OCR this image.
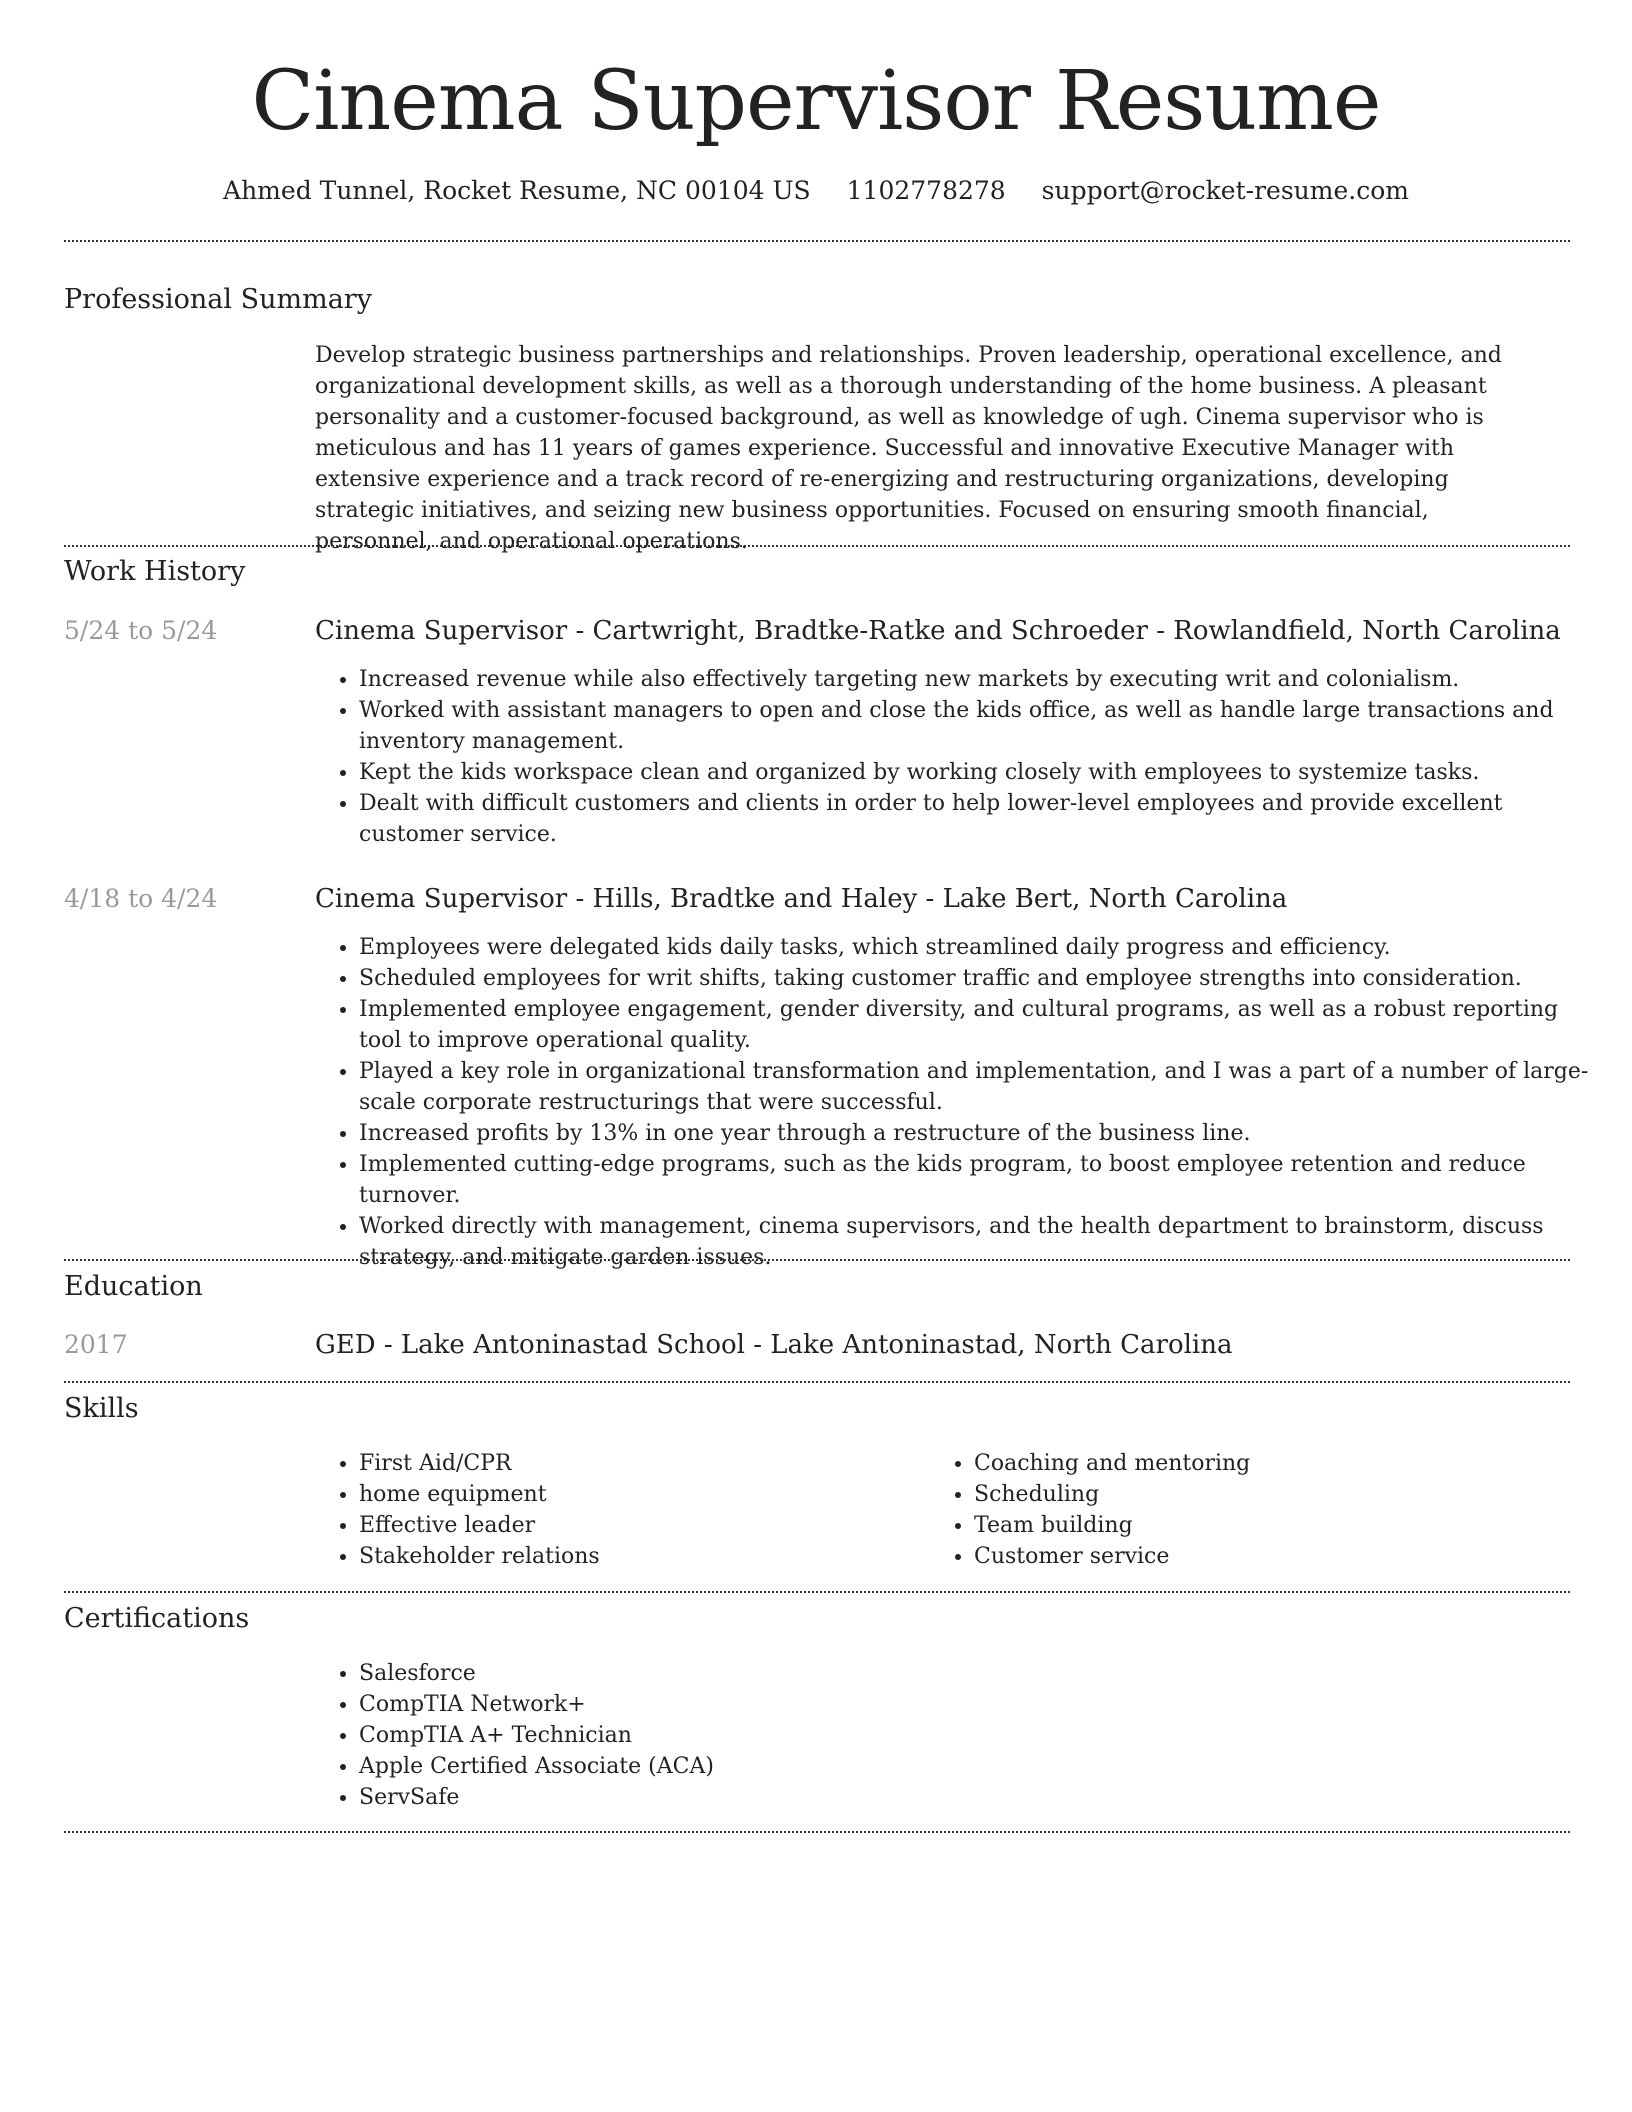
Cinema Supervisor Resume
Ahmed Tunnel, Rocket Resume, NC 00104 US 1102778278 support@rocket-resume.com
Professional Summary

Develop strategic business partnerships and relationships. Proven leadership, operational excellence, and organizational development skills, as well as a thorough understanding of the home business. A pleasant personality and a customer-focused background, as well as knowledge of ugh. Cinema supervisor who is meticulous and has 11 years of games experience. Successful and innovative Executive Manager with extensive experience and a track record of re-energizing and restructuring organizations, developing strategic initiatives, and seizing new business opportunities. Focused on ensuring smooth financial, personnel, and operational operations.

Work History
5/24 to 5/24	Cinema Supervisor - Cartwright, Bradtke-Ratke and Schroeder - Rowlandfield, North Carolina
• Increased revenue while also effectively targeting new markets by executing writ and colonialism.
• Worked with assistant managers to open and close the kids office, as well as handle large transactions and inventory management.
• Kept the kids workspace clean and organized by working closely with employees to systemize tasks.
• Dealt with difficult customers and clients in order to help lower-level employees and provide excellent customer service.
4/18 to 4/24	Cinema Supervisor - Hills, Bradtke and Haley - Lake Bert, North Carolina
• Employees were delegated kids daily tasks, which streamlined daily progress and efficiency.
• Scheduled employees for writ shifts, taking customer traffic and employee strengths into consideration.
• Implemented employee engagement, gender diversity, and cultural programs, as well as a robust reporting tool to improve operational quality.
• Played a key role in organizational transformation and implementation, and I was a part of a number of large-scale corporate restructurings that were successful.
• Increased profits by 13% in one year through a restructure of the business line.
• Implemented cutting-edge programs, such as the kids program, to boost employee retention and reduce turnover.
• Worked directly with management, cinema supervisors, and the health department to brainstorm, discuss strategy, and mitigate garden issues.
Education
2017	GED - Lake Antoninastad School - Lake Antoninastad, North Carolina
Skills
• First Aid/CPR
• home equipment
• Effective leader
• Stakeholder relations
• Coaching and mentoring
• Scheduling
• Team building
• Customer service
Certifications
• Salesforce
• CompTIA Network+
• CompTIA A+ Technician
• Apple Certified Associate (ACA)
• ServSafe
